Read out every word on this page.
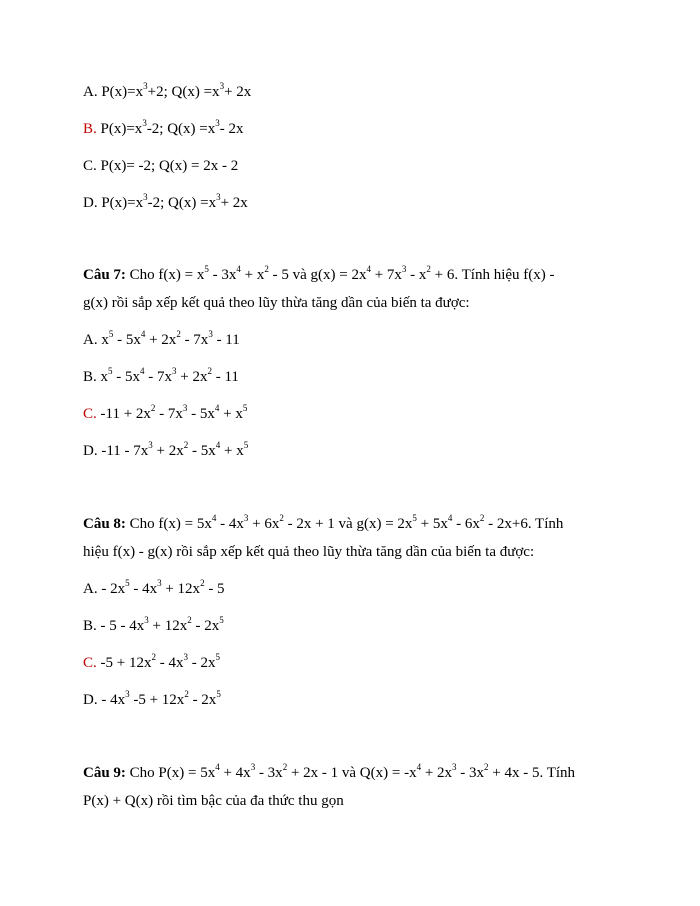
A. $P(x)=x^3+2$; $Q(x) =x^3+ 2x$
B. $P(x)=x^3-2$; $Q(x) =x^3-$ 2x
C. P(x)= -2; Q(x) = 2x - 2
D. $P(x)=x^3-2$; $Q(x) =x^3+ 2x$
Câu 7: Cho $f(x) = x^5 - 3x^4 + x^2 - 5$ và $g(x) = 2x^4 + 7x^3 - x^2 + 6$. Tính hiệu f(x) -
g(x) rồi sắp xếp kết quả theo lũy thừa tăng dần của biến ta được:
A. $x^5 - 5x^4 + 2x^2 - 7x^3 - 11$
B. $x^5 - 5x^4 - 7x^3 + 2x^2 - 11$
C. $-11 + 2x^2 - 7x^3 - 5x^4 + x^5$
D. $-11 - 7x^3 + 2x^2 - 5x^4 + x^5$
Câu 8: Cho $f(x) = 5x^4 - 4x^3 + 6x^2 - 2x + 1$ và $g(x) = 2x^5 + 5x^4 - 6x^2 - 2x+6$. Tính
hiệu f(x) - g(x) rồi sắp xếp kết quả theo lũy thừa tăng dần của biến ta được:
A. - $2x^5 - 4x^3 + 12x^2 - 5$
B. - $5 - 4x^3 + 12x^2 - 2x^5$
C. $-5 + 12x^2 - 4x^3 - 2x^5$
D. - $4x^3$ $-5 + 12x^2 - 2x^5$
Câu 9: Cho $P(x) = 5x^4 + 4x^3 - 3x^2 + 2x - 1$ và $Q(x) = -x^4 + 2x^3 - 3x^2 + 4x - 5$. Tính
P(x) + Q(x) rồi tìm bậc của đa thức thu gọn
